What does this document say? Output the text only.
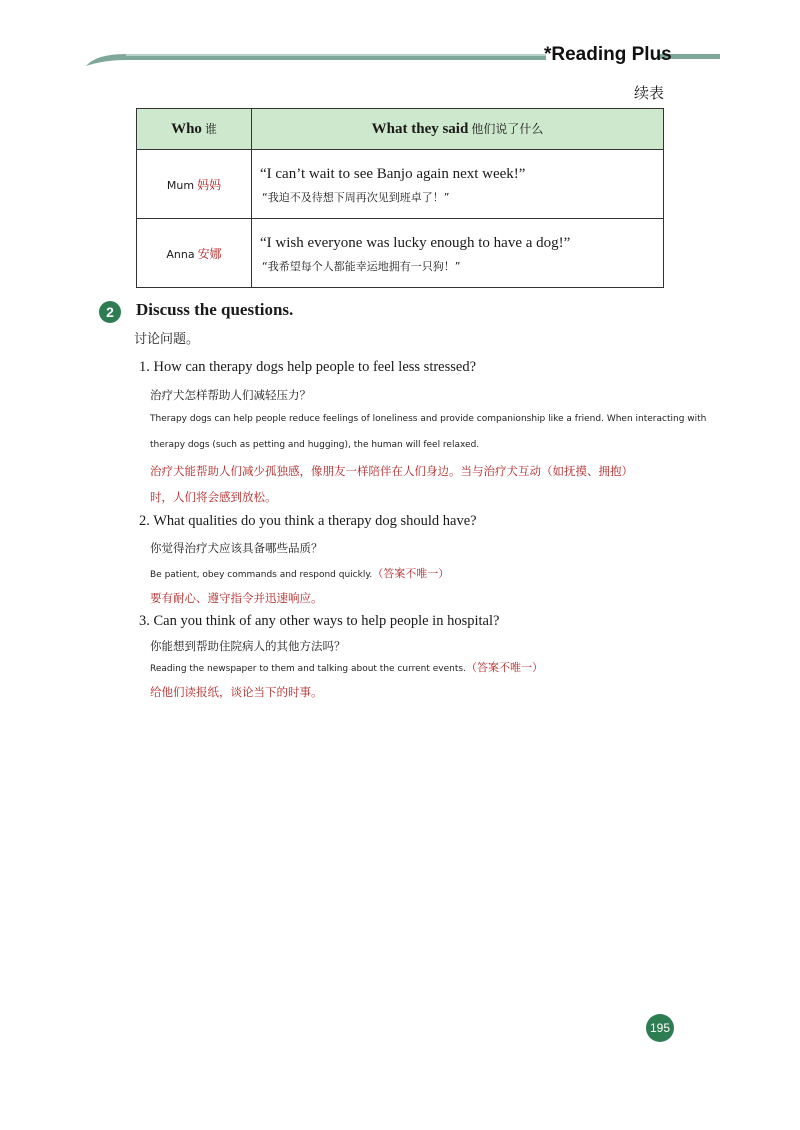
*Reading Plus
续表
Who 谁	What they said 他们说了什么
Mum 妈妈	“I can’t wait to see Banjo again next week!”
“我迫不及待想下周再次见到班卓了！”

Anna 安娜	“I wish everyone was lucky enough to have a dog!”
“我希望每个人都能幸运地拥有一只狗！”
2	Discuss the questions.
讨论问题。
1. How can therapy dogs help people to feel less stressed?
治疗犬怎样帮助人们减轻压力？
Therapy dogs can help people reduce feelings of loneliness and provide companionship like a friend. When interacting with
therapy dogs (such as petting and hugging), the human will feel relaxed.
治疗犬能帮助人们减少孤独感，像朋友一样陪伴在人们身边。当与治疗犬互动（如抚摸、拥抱）
时，人们将会感到放松。
2. What qualities do you think a therapy dog should have?
你觉得治疗犬应该具备哪些品质？
Be patient, obey commands and respond quickly.（答案不唯一）
要有耐心、遵守指令并迅速响应。
3. Can you think of any other ways to help people in hospital?
你能想到帮助住院病人的其他方法吗？
Reading the newspaper to them and talking about the current events.（答案不唯一）
给他们读报纸，谈论当下的时事。
195
